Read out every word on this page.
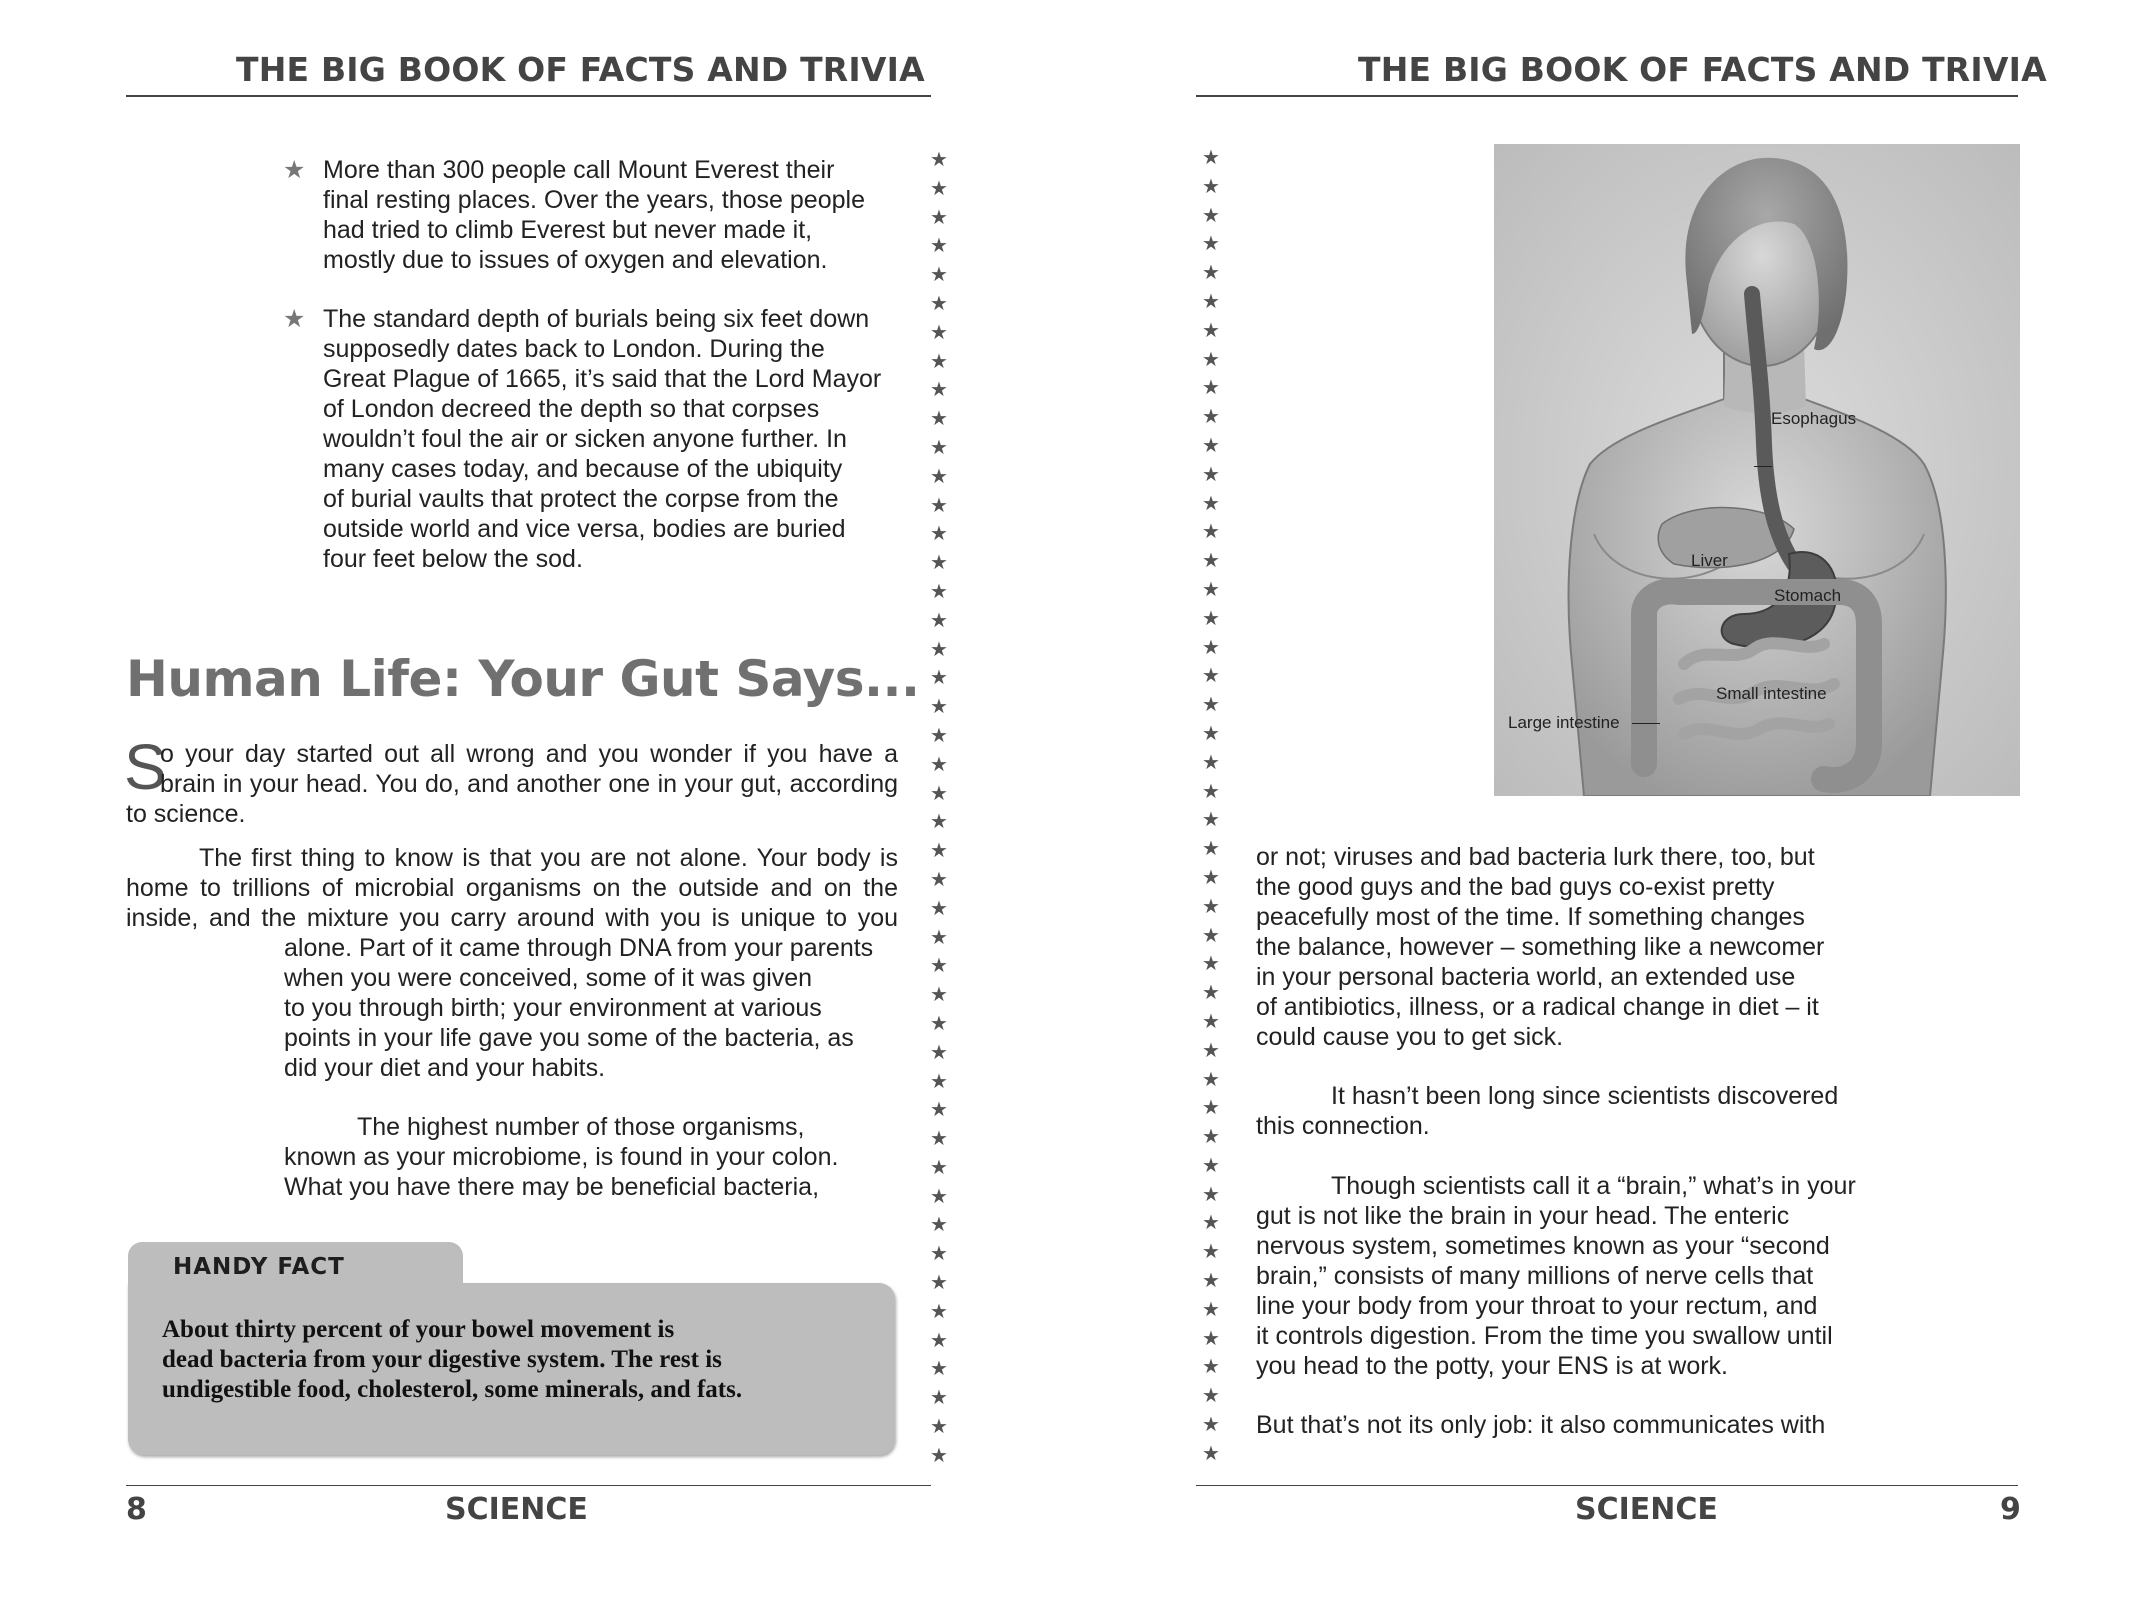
THE BIG BOOK OF FACTS AND TRIVIA
★ More than 300 people call Mount Everest their
final resting places. Over the years, those people
had tried to climb Everest but never made it,
mostly due to issues of oxygen and elevation.
★ The standard depth of burials being six feet down
supposedly dates back to London. During the
Great Plague of 1665, it’s said that the Lord Mayor
of London decreed the depth so that corpses
wouldn’t foul the air or sicken anyone further. In
many cases today, and because of the ubiquity
of burial vaults that protect the corpse from the
outside world and vice versa, bodies are buried
four feet below the sod.
Human Life: Your Gut Says...
S
o your day started out all wrong and you wonder if you have a
brain in your head. You do, and another one in your gut, according
to science.
The first thing to know is that you are not alone. Your body is
home to trillions of microbial organisms on the outside and on the
inside, and the mixture you carry around with you is unique to you
alone. Part of it came through DNA from your parents
when you were conceived, some of it was given
to you through birth; your environment at various
points in your life gave you some of the bacteria, as
did your diet and your habits.
The highest number of those organisms,
known as your microbiome, is found in your colon.
What you have there may be beneficial bacteria,
HANDY FACT
About thirty percent of your bowel movement is
dead bacteria from your digestive system. The rest is
undigestible food, cholesterol, some minerals, and fats.
★
★
★
★
★
★
★
★
★
★
★
★
★
★
★
★
★
★
★
★
★
★
★
★
★
★
★
★
★
★
★
★
★
★
★
★
★
★
★
★
★
★
★
★
★
★
★
★
★
★
★
★
★
★
★
★
★
★
★
★
★
★
★
★
★
★
★
★
★
★
★
★
★
★
★
★
★
★
★
★
★
★
★
★
★
★
★
★
★
★
★
★
8	SCIENCE
THE BIG BOOK OF FACTS AND TRIVIA
Esophagus
Liver
Stomach
Small intestine
Large intestine
or not; viruses and bad bacteria lurk there, too, but
the good guys and the bad guys co-exist pretty
peacefully most of the time. If something changes
the balance, however – something like a newcomer
in your personal bacteria world, an extended use
of antibiotics, illness, or a radical change in diet – it
could cause you to get sick.
It hasn’t been long since scientists discovered
this connection.
Though scientists call it a “brain,” what’s in your
gut is not like the brain in your head. The enteric
nervous system, sometimes known as your “second
brain,” consists of many millions of nerve cells that
line your body from your throat to your rectum, and
it controls digestion. From the time you swallow until
you head to the potty, your ENS is at work.
But that’s not its only job: it also communicates with
SCIENCE	9
